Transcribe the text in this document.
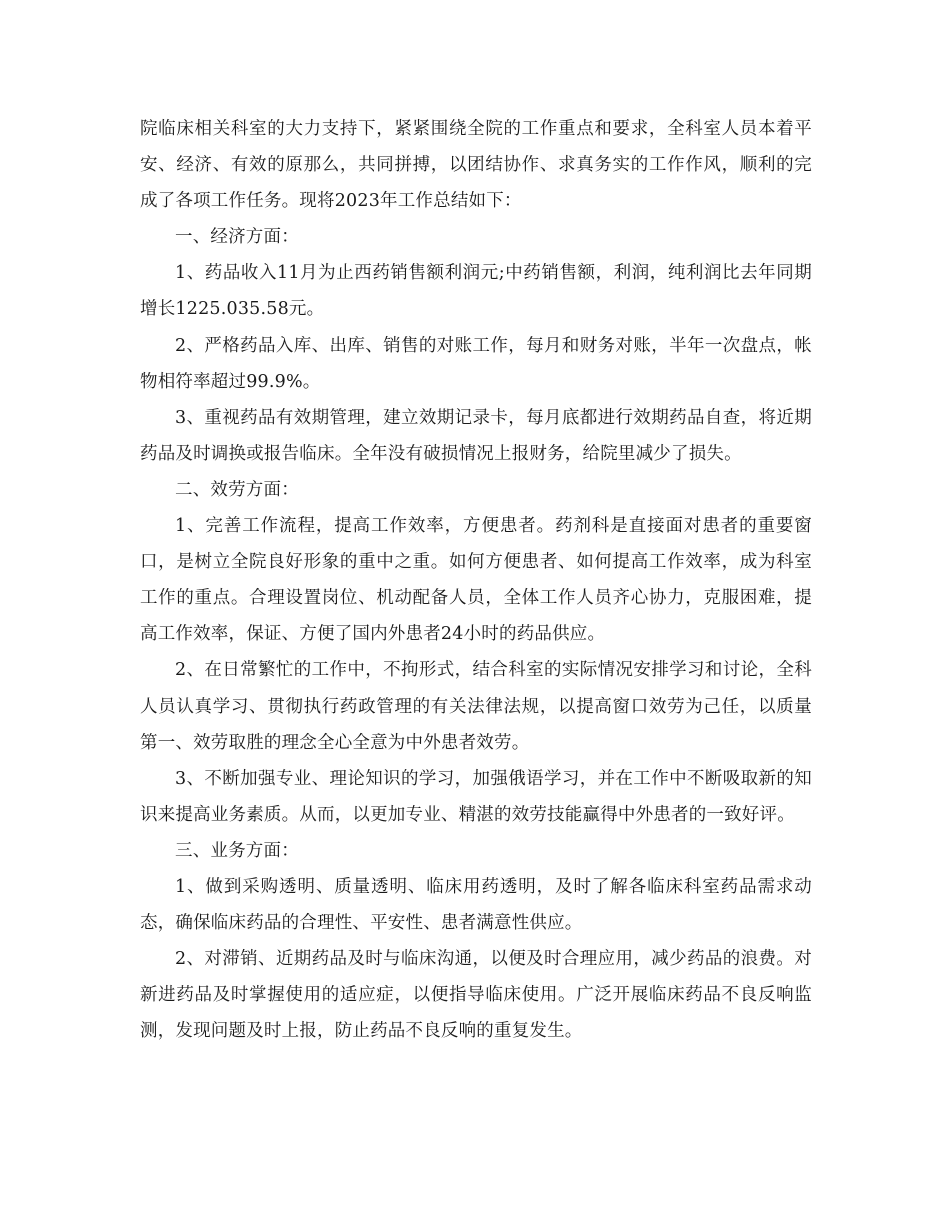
院临床相关科室的大力支持下，紧紧围绕全院的工作重点和要求，全科室人员本着平安、经济、有效的原那么，共同拼搏，以团结协作、求真务实的工作作风，顺利的完成了各项工作任务。现将2023年工作总结如下：

一、经济方面：

1、药品收入11月为止西药销售额利润元;中药销售额，利润，纯利润比去年同期增长1225.035.58元。

2、严格药品入库、出库、销售的对账工作，每月和财务对账，半年一次盘点，帐物相符率超过99.9%。

3、重视药品有效期管理，建立效期记录卡，每月底都进行效期药品自查，将近期药品及时调换或报告临床。全年没有破损情况上报财务，给院里减少了损失。

二、效劳方面：

1、完善工作流程，提高工作效率，方便患者。药剂科是直接面对患者的重要窗口，是树立全院良好形象的重中之重。如何方便患者、如何提高工作效率，成为科室工作的重点。合理设置岗位、机动配备人员，全体工作人员齐心协力，克服困难，提高工作效率，保证、方便了国内外患者24小时的药品供应。

2、在日常繁忙的工作中，不拘形式，结合科室的实际情况安排学习和讨论，全科人员认真学习、贯彻执行药政管理的有关法律法规，以提高窗口效劳为己任，以质量第一、效劳取胜的理念全心全意为中外患者效劳。

3、不断加强专业、理论知识的学习，加强俄语学习，并在工作中不断吸取新的知识来提高业务素质。从而，以更加专业、精湛的效劳技能赢得中外患者的一致好评。

三、业务方面：

1、做到采购透明、质量透明、临床用药透明，及时了解各临床科室药品需求动态，确保临床药品的合理性、平安性、患者满意性供应。

2、对滞销、近期药品及时与临床沟通，以便及时合理应用，减少药品的浪费。对新进药品及时掌握使用的适应症，以便指导临床使用。广泛开展临床药品不良反响监测，发现问题及时上报，防止药品不良反响的重复发生。
